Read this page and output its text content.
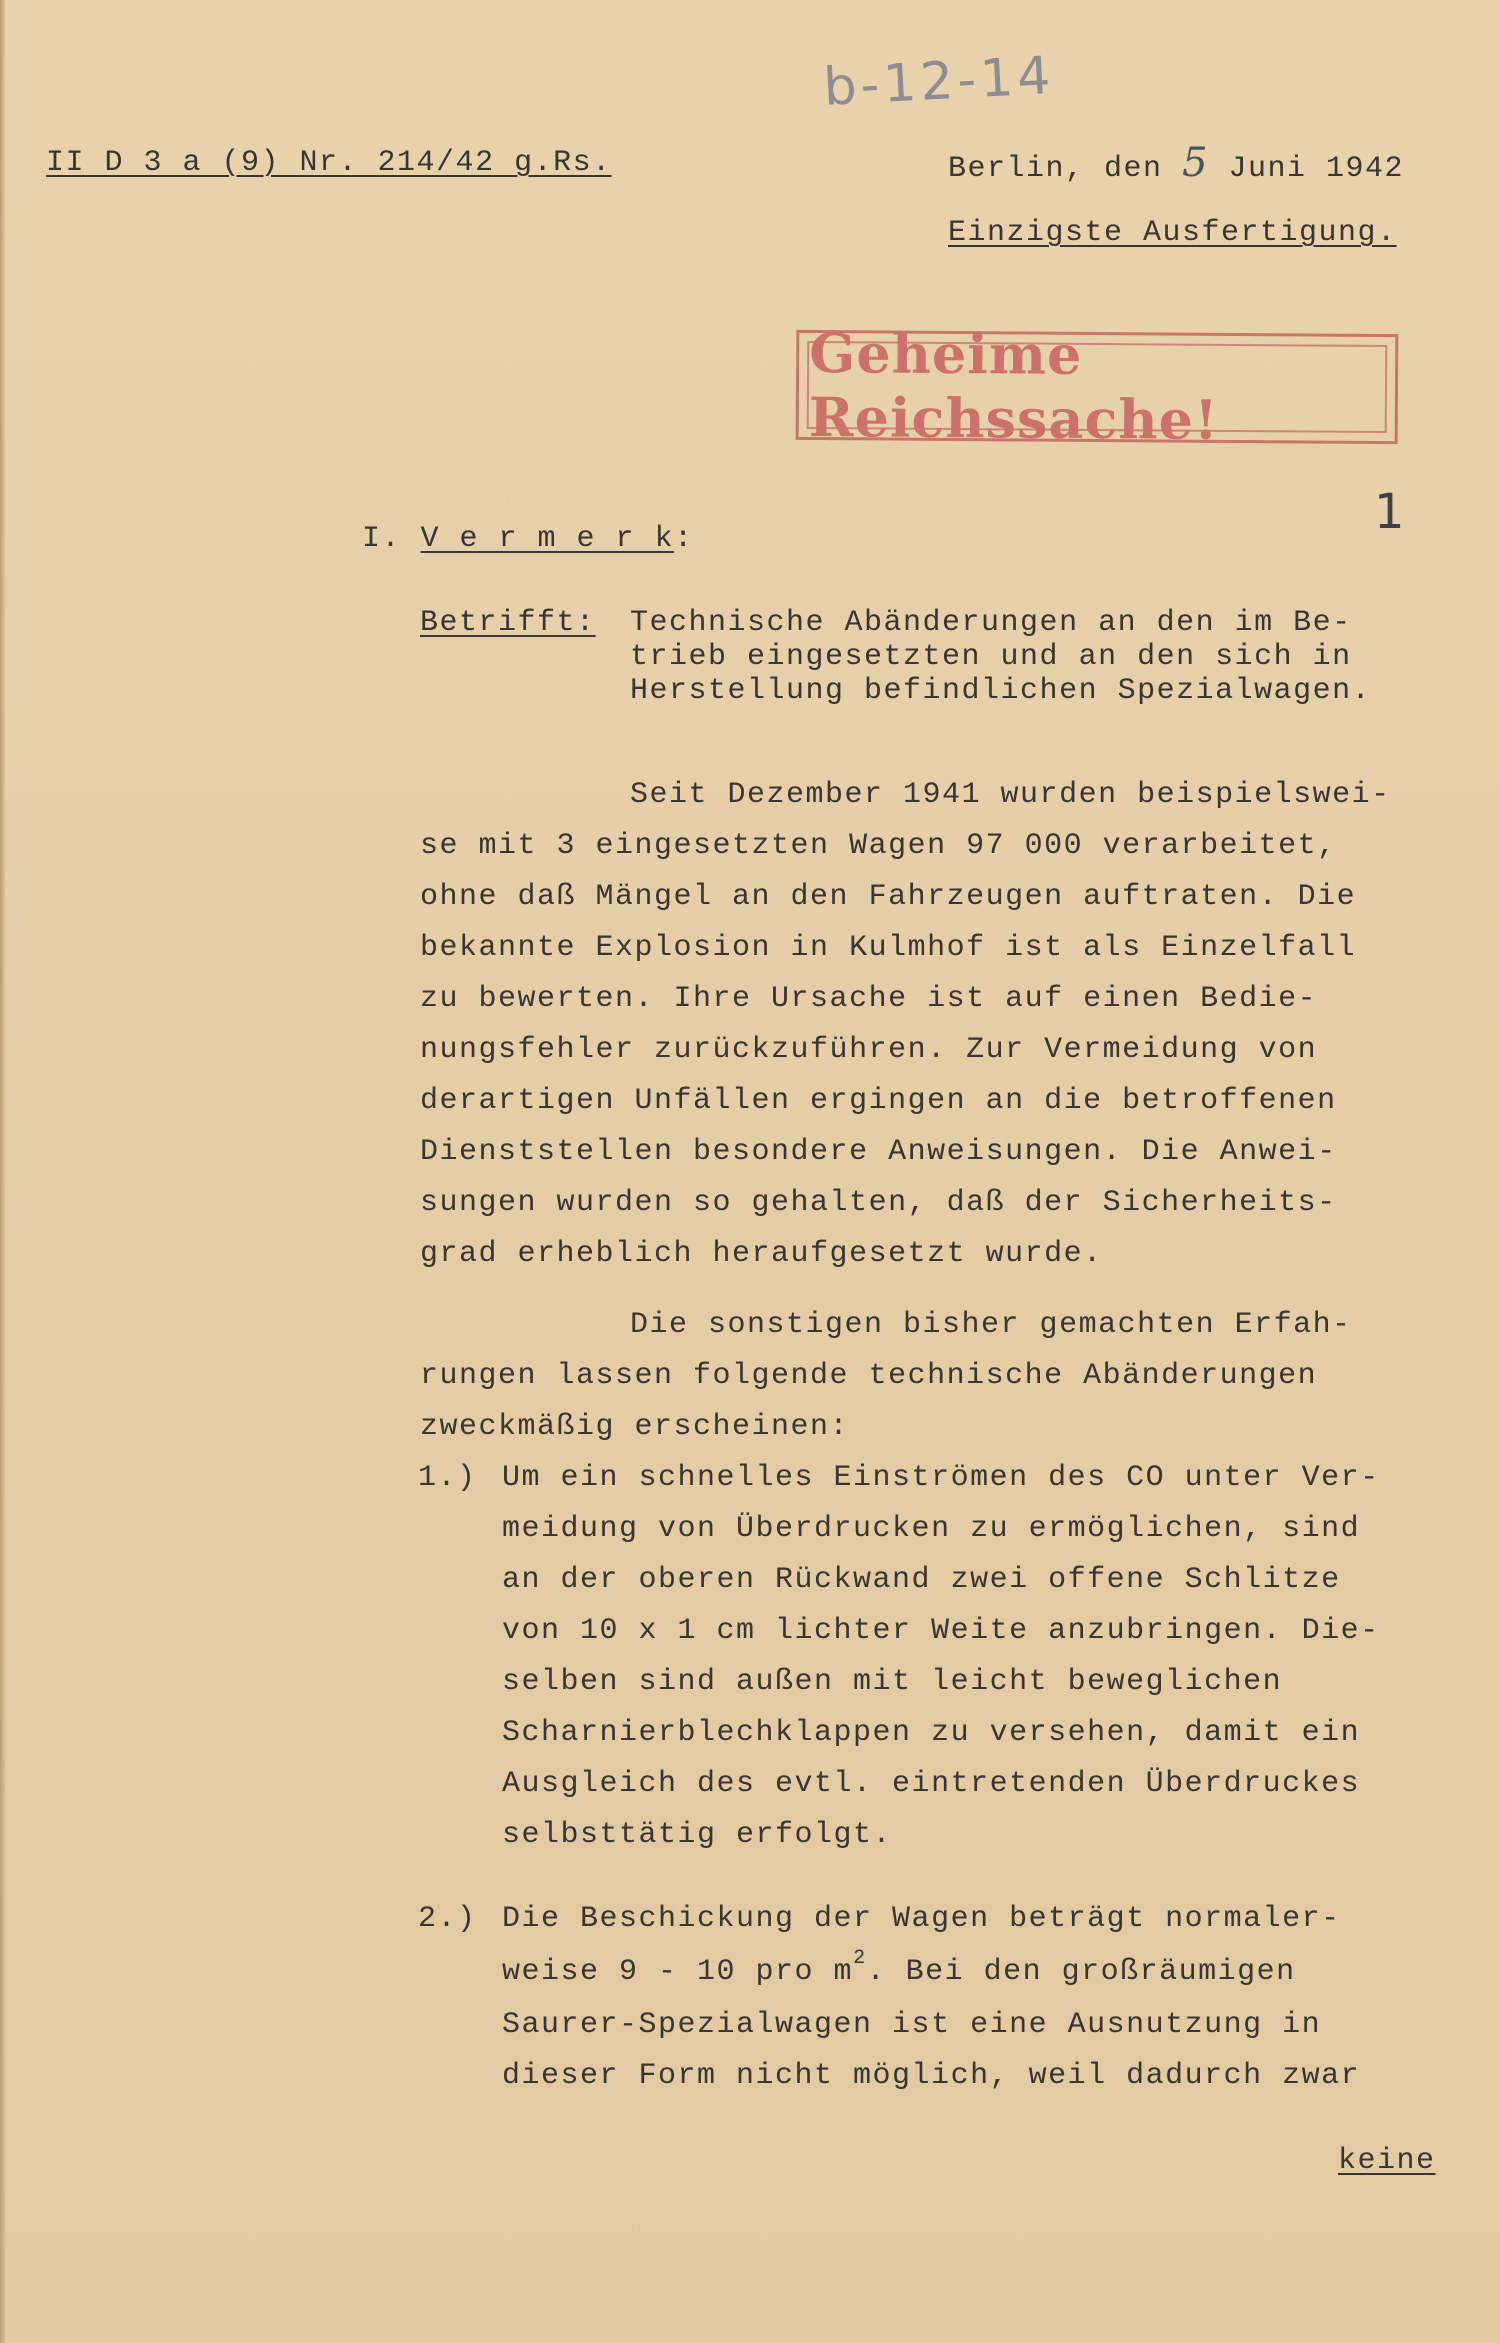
b-12-14
II D 3 a (9) Nr. 214/42 g.Rs.	Berlin, den 5 Juni 1942
Einzigste Ausfertigung.
Geheime Reichssache!
1
I. V e r m e r k:
Betrifft: Technische Abänderungen an den im Be-
trieb eingesetzten und an den sich in
Herstellung befindlichen Spezialwagen.
Seit Dezember 1941 wurden beispielswei-
se mit 3 eingesetzten Wagen 97 000 verarbeitet,
ohne daß Mängel an den Fahrzeugen auftraten. Die
bekannte Explosion in Kulmhof ist als Einzelfall
zu bewerten. Ihre Ursache ist auf einen Bedie-
nungsfehler zurückzuführen. Zur Vermeidung von
derartigen Unfällen ergingen an die betroffenen
Dienststellen besondere Anweisungen. Die Anwei-
sungen wurden so gehalten, daß der Sicherheits-
grad erheblich heraufgesetzt wurde.
Die sonstigen bisher gemachten Erfah-
rungen lassen folgende technische Abänderungen
zweckmäßig erscheinen:
1.) Um ein schnelles Einströmen des CO unter Ver-
meidung von Überdrucken zu ermöglichen, sind
an der oberen Rückwand zwei offene Schlitze
von 10 x 1 cm lichter Weite anzubringen. Die-
selben sind außen mit leicht beweglichen
Scharnierblechklappen zu versehen, damit ein
Ausgleich des evtl. eintretenden Überdruckes
selbsttätig erfolgt.
2.) Die Beschickung der Wagen beträgt normaler-
weise 9 - 10 pro $m^2$. Bei den großräumigen
Saurer-Spezialwagen ist eine Ausnutzung in
dieser Form nicht möglich, weil dadurch zwar
keine
